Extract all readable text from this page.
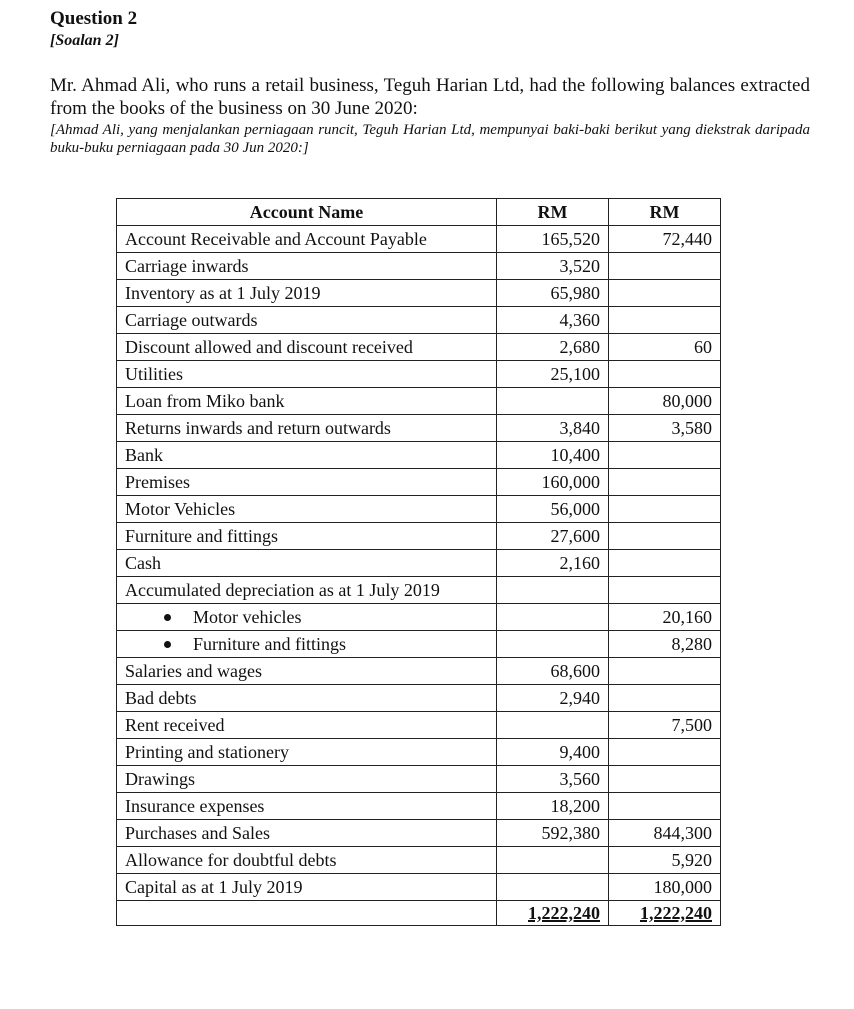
Question 2
[Soalan 2]
Mr. Ahmad Ali, who runs a retail business, Teguh Harian Ltd, had the following balances extracted from the books of the business on 30 June 2020:
[Ahmad Ali, yang menjalankan perniagaan runcit, Teguh Harian Ltd, mempunyai baki-baki berikut yang diekstrak daripada buku-buku perniagaan pada 30 Jun 2020:]
Account Name	RM	RM
Account Receivable and Account Payable	165,520	72,440
Carriage inwards	3,520	
Inventory as at 1 July 2019	65,980	
Carriage outwards	4,360	
Discount allowed and discount received	2,680	60
Utilities	25,100	
Loan from Miko bank		80,000
Returns inwards and return outwards	3,840	3,580
Bank	10,400	
Premises	160,000	
Motor Vehicles	56,000	
Furniture and fittings	27,600	
Cash	2,160	
Accumulated depreciation as at 1 July 2019		

Motor vehicles		20,160

Furniture and fittings		8,280
Salaries and wages	68,600	
Bad debts	2,940	
Rent received		7,500
Printing and stationery	9,400	
Drawings	3,560	
Insurance expenses	18,200	
Purchases and Sales	592,380	844,300
Allowance for doubtful debts		5,920
Capital as at 1 July 2019		180,000
	1,222,240	1,222,240
